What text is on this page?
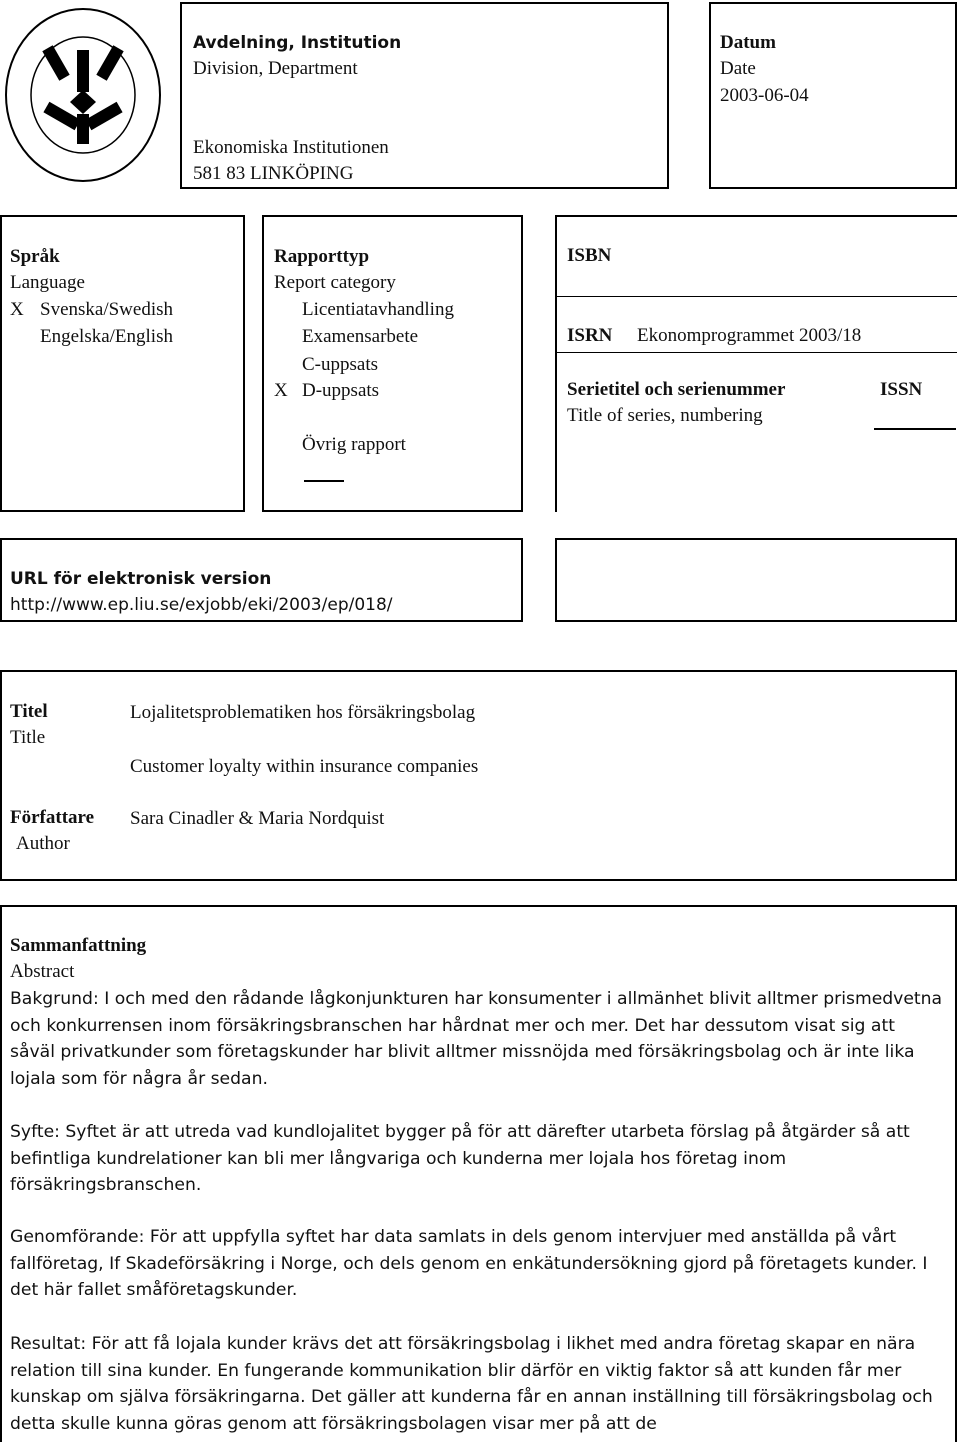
Avdelning, Institution
Division, Department
Ekonomiska Institutionen
581 83 LINKÖPING
Datum
Date
2003-06-04
Språk
Language
X Svenska/Swedish
Engelska/English
Rapporttyp
Report category
Licentiatavhandling
Examensarbete
C-uppsats
X D-uppsats
Övrig rapport
ISBN
ISRN Ekonomprogrammet 2003/18
Serietitel och serienummer
Title of series, numbering
ISSN
URL för elektronisk version
http://www.ep.liu.se/exjobb/eki/2003/ep/018/
Titel
Title
Lojalitetsproblematiken hos försäkringsbolag
Customer loyalty within insurance companies
Författare
Author
Sara Cinadler & Maria Nordquist
Sammanfattning
Abstract
Bakgrund: I och med den rådande lågkonjunkturen har konsumenter i allmänhet blivit alltmer prismedvetna och konkurrensen inom försäkringsbranschen har hårdnat mer och mer. Det har dessutom visat sig att såväl privatkunder som företagskunder har blivit alltmer missnöjda med försäkringsbolag och är inte lika lojala som för några år sedan.
Syfte: Syftet är att utreda vad kundlojalitet bygger på för att därefter utarbeta förslag på åtgärder så att befintliga kundrelationer kan bli mer långvariga och kunderna mer lojala hos företag inom försäkringsbranschen.
Genomförande: För att uppfylla syftet har data samlats in dels genom intervjuer med anställda på vårt fallföretag, If Skadeförsäkring i Norge, och dels genom en enkätundersökning gjord på företagets kunder. I det här fallet småföretagskunder.
Resultat: För att få lojala kunder krävs det att försäkringsbolag i likhet med andra företag skapar en nära relation till sina kunder. En fungerande kommunikation blir därför en viktig faktor så att kunden får mer kunskap om själva försäkringarna. Det gäller att kunderna får en annan inställning till försäkringsbolag och detta skulle kunna göras genom att försäkringsbolagen visar mer på att de
